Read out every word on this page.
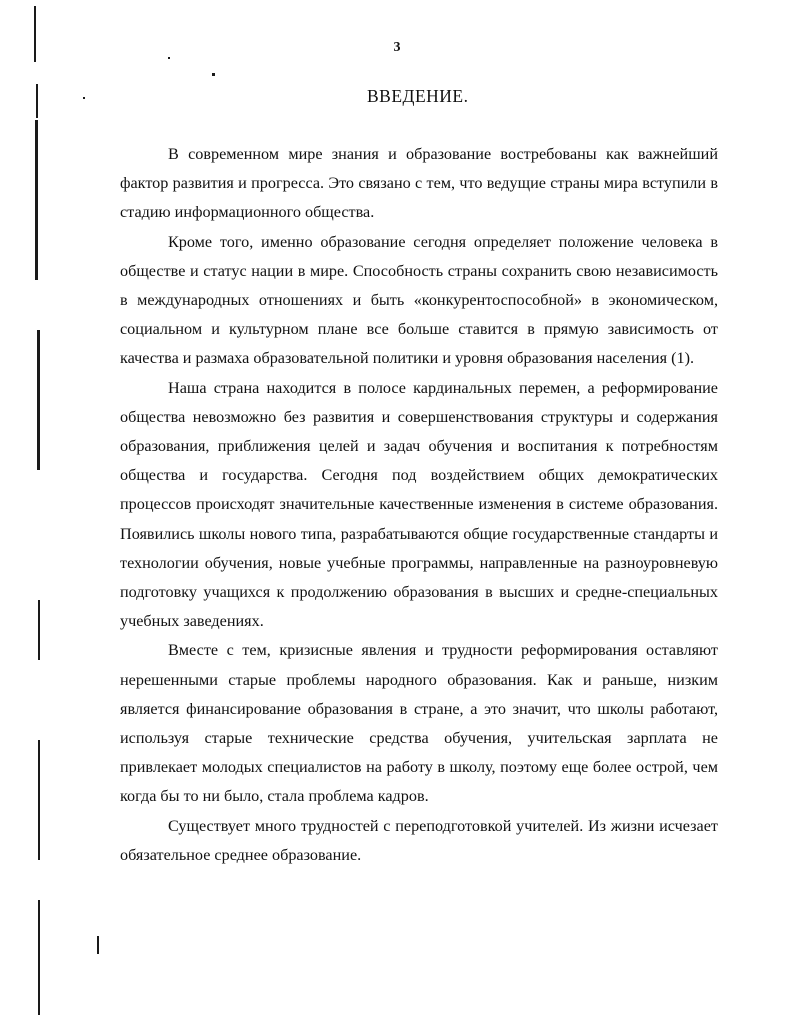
3
ВВЕДЕНИЕ.

В современном мире знания и образование востребованы как важнейший фактор развития и прогресса. Это связано с тем, что ведущие страны мира вступили в стадию информационного общества.

Кроме того, именно образование сегодня определяет положение человека в обществе и статус нации в мире. Способность страны сохранить свою независимость в международных отношениях и быть «конкурентоспособной» в экономическом, социальном и культурном плане все больше ставится в прямую зависимость от качества и размаха образовательной политики и уровня образования населения (1).

Наша страна находится в полосе кардинальных перемен, а реформирование общества невозможно без развития и совершенствования структуры и содержания образования, приближения целей и задач обучения и воспитания к потребностям общества и государства. Сегодня под воздействием общих демократических процессов происходят значительные качественные изменения в системе образования. Появились школы нового типа, разрабатываются общие государственные стандарты и технологии обучения, новые учебные программы, направленные на разноуровневую подготовку учащихся к продолжению образования в высших и средне-специальных учебных заведениях.

Вместе с тем, кризисные явления и трудности реформирования оставляют нерешенными старые проблемы народного образования. Как и раньше, низким является финансирование образования в стране, а это значит, что школы работают, используя старые технические средства обучения, учительская зарплата не привлекает молодых специалистов на работу в школу, поэтому еще более острой, чем когда бы то ни было, стала проблема кадров.

Существует много трудностей с переподготовкой учителей. Из жизни исчезает обязательное среднее образование.
